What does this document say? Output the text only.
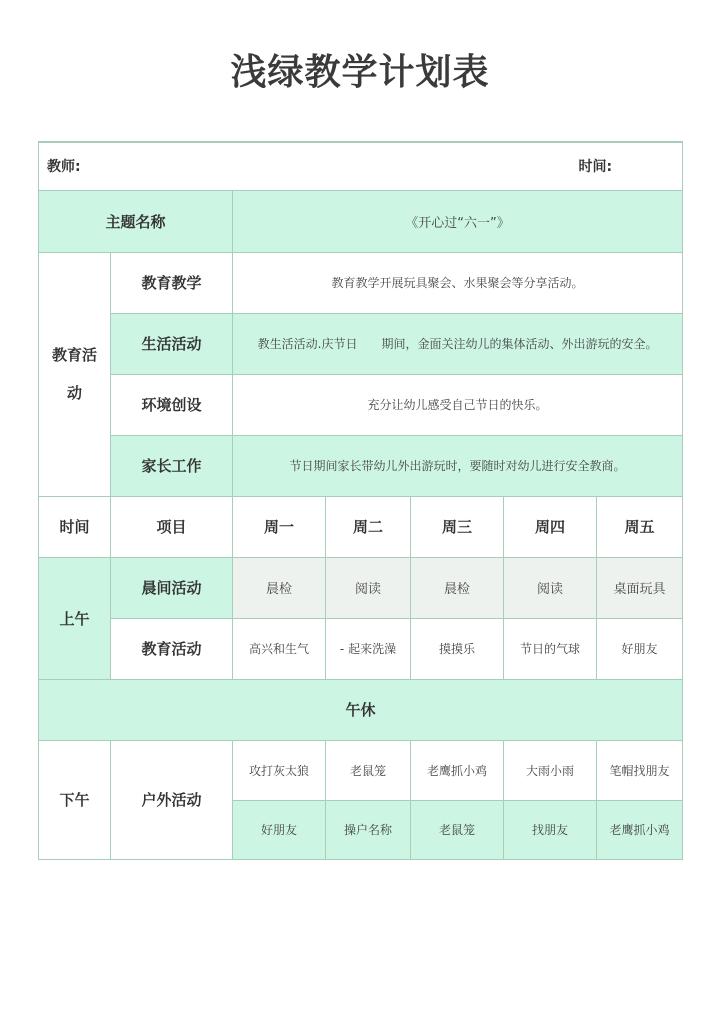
浅绿教学计划表
教师: 时间:						

主题名称		《开心过“六一”》				
教育活动	教育教学	教育教学开展玩具聚会、水果聚会等分享活动。				
	生活活动	教生活活动.庆节日　　期间，金面关注幼儿的集体活动、外出游玩的安全。				
	环境创设	充分让幼儿感受自己节日的快乐。				
	家长工作	节日期间家长带幼儿外出游玩时，要随时对幼儿进行安全教商。				
时间	项目	周一	周二	周三	周四	周五
上午	晨间活动	晨检	阅读	晨检	阅读	桌面玩具
	教育活动	高兴和生气	- 起来洗澡	摸摸乐	节日的气球	好朋友
午休						
下午	户外活动	攻打灰太狼	老鼠笼	老鹰抓小鸡	大雨小雨	笔帽找朋友
		好朋友	操户名称	老鼠笼	找朋友	老鹰抓小鸡
